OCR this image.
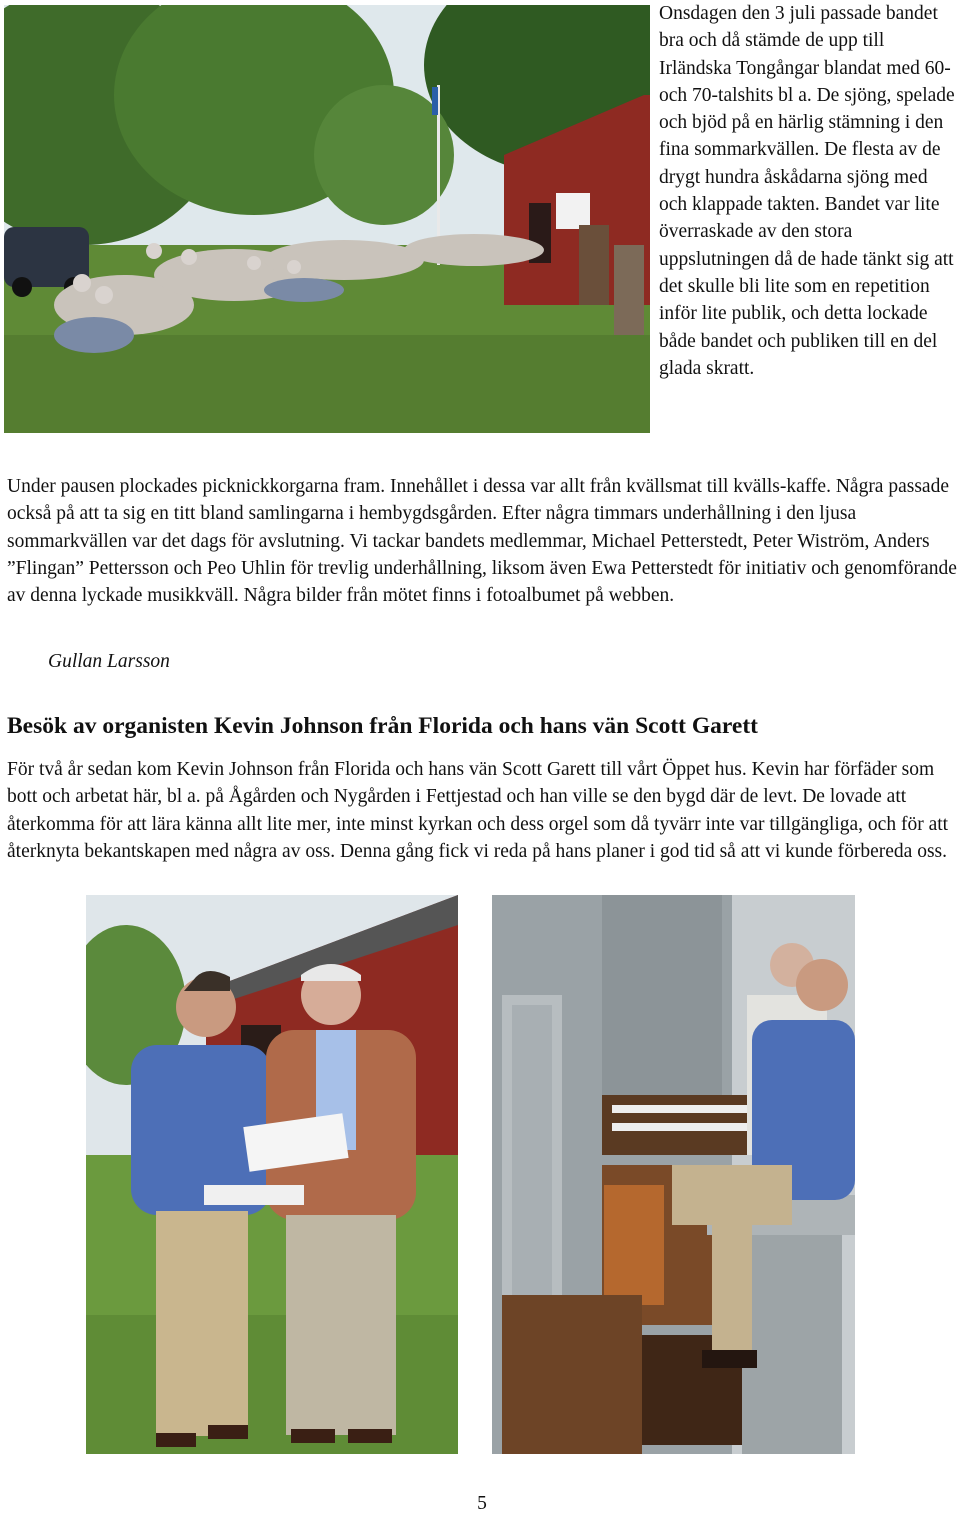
Onsdagen den 3 juli passade bandet bra och då stämde de upp till Irländska Tongångar blandat med 60- och 70-talshits bl a. De sjöng, spelade och bjöd på en härlig stämning i den fina sommarkvällen. De flesta av de drygt hundra åskådarna sjöng med och klappade takten. Bandet var lite överraskade av den stora uppslutningen då de hade tänkt sig att det skulle bli lite som en repetition inför lite publik, och detta lockade både bandet och publiken till en del glada skratt.

Under pausen plockades picknickkorgarna fram. Innehållet i dessa var allt från kvällsmat till kvälls-kaffe. Några passade också på att ta sig en titt bland samlingarna i hembygdsgården. Efter några timmars underhållning i den ljusa sommarkvällen var det dags för avslutning. Vi tackar bandets medlemmar, Michael Petterstedt, Peter Wiström, Anders ”Flingan” Pettersson och Peo Uhlin för trevlig underhållning, liksom även Ewa Petterstedt för initiativ och genomförande av denna lyckade musikkväll. Några bilder från mötet finns i fotoalbumet på webben.

Gullan Larsson
Besök av organisten Kevin Johnson från Florida och hans vän Scott Garett

För två år sedan kom Kevin Johnson från Florida och hans vän Scott Garett till vårt Öppet hus. Kevin har förfäder som bott och arbetat här, bl a. på Ågården och Nygården i Fettjestad och han ville se den bygd där de levt. De lovade att återkomma för att lära känna allt lite mer, inte minst kyrkan och dess orgel som då tyvärr inte var tillgängliga, och för att återknyta bekantskapen med några av oss. Denna gång fick vi reda på hans planer i god tid så att vi kunde förbereda oss.

5
